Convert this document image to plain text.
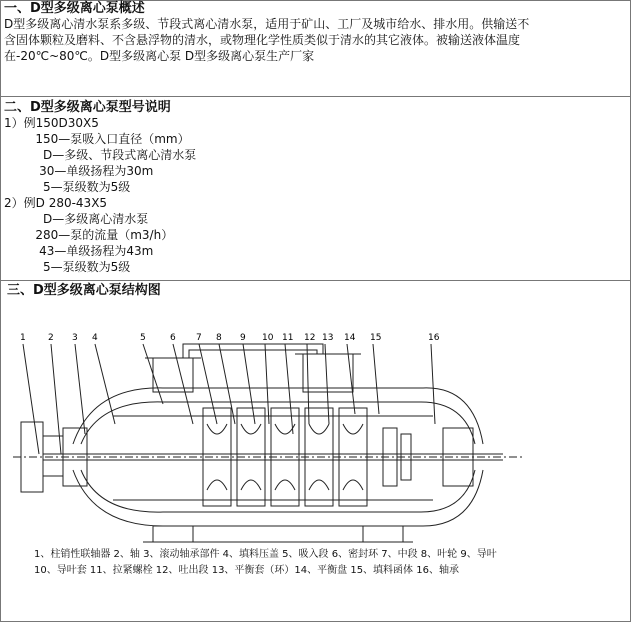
一、D型多级离心泵概述
D型多级离心清水泵系多级、节段式离心清水泵，适用于矿山、工厂及城市给水、排水用。供输送不
含固体颗粒及磨料、不含悬浮物的清水，或物理化学性质类似于清水的其它液体。被输送液体温度
在-20℃~80℃。D型多级离心泵 D型多级离心泵生产厂家
二、D型多级离心泵型号说明
1）例150D30X5
150—泵吸入口直径（mm）
D—多级、节段式离心清水泵
30—单级扬程为30m
5—泵级数为5级
2）例D 280-43X5
D—多级离心清水泵
280—泵的流量（m3/h）
43—单级扬程为43m
5—泵级数为5级
三、D型多级离心泵结构图
1 2 3 4	5	6 7 8 9 10 11 12 13 14 15	16
1、柱销性联轴器 2、轴 3、滚动轴承部件 4、填料压盖 5、吸入段 6、密封环 7、中段 8、叶轮 9、导叶
10、导叶套 11、拉紧螺栓 12、吐出段 13、平衡套（环）14、平衡盘 15、填料函体 16、轴承
